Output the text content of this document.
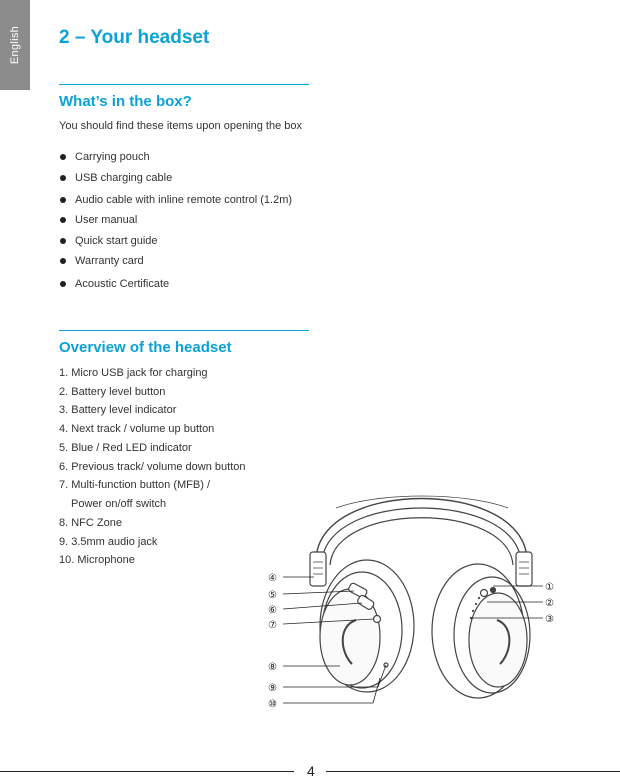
English 2 – Your headset
What’s in the box?
You should find these items upon opening the box
Carrying pouch
USB charging cable
Audio cable with inline remote control (1.2m)
User manual
Quick start guide
Warranty card
Acoustic Certificate
Overview of the headset
1. Micro USB jack for charging
2. Battery level button
3. Battery level indicator
4. Next track / volume up button
5. Blue / Red LED indicator
6. Previous track/ volume down button
7. Multi-function button (MFB) /
Power on/off switch
8. NFC Zone
9. 3.5mm audio jack
10. Microphone
④
⑤
⑥
⑦
⑧
⑨
⑩
①
②
③
4
